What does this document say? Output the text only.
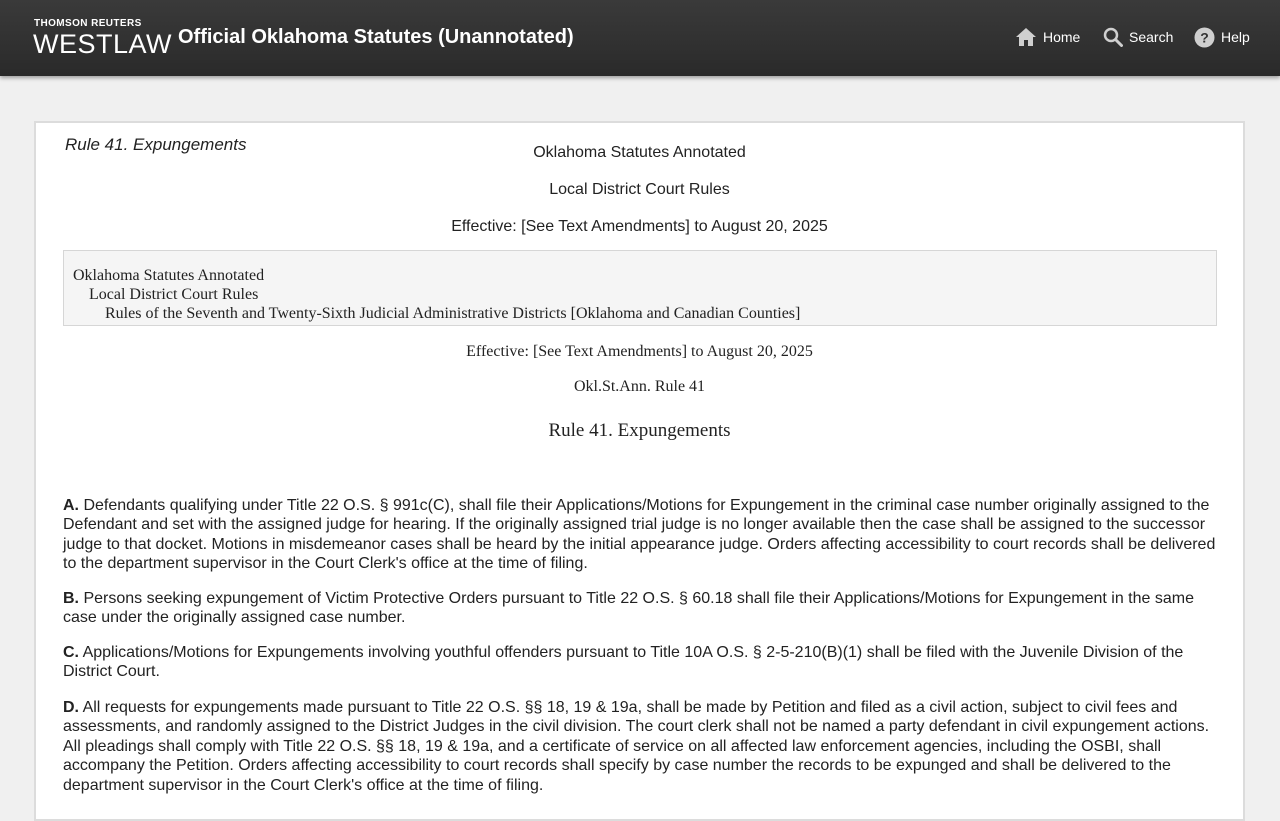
THOMSON REUTERS
WESTLAW Official Oklahoma Statutes (Unannotated)	Home	Search ? Help
Rule 41. Expungements	Oklahoma Statutes Annotated
Local District Court Rules
Effective: [See Text Amendments] to August 20, 2025
Oklahoma Statutes Annotated
Local District Court Rules
Rules of the Seventh and Twenty-Sixth Judicial Administrative Districts [Oklahoma and Canadian Counties]
Effective: [See Text Amendments] to August 20, 2025
Okl.St.Ann. Rule 41
Rule 41. Expungements
A. Defendants qualifying under Title 22 O.S. § 991c(C), shall file their Applications/Motions for Expungement in the criminal case number originally assigned to the Defendant and set with the assigned judge for hearing. If the originally assigned trial judge is no longer available then the case shall be assigned to the successor judge to that docket. Motions in misdemeanor cases shall be heard by the initial appearance judge. Orders affecting accessibility to court records shall be delivered to the department supervisor in the Court Clerk's office at the time of filing.
B. Persons seeking expungement of Victim Protective Orders pursuant to Title 22 O.S. § 60.18 shall file their Applications/Motions for Expungement in the same case under the originally assigned case number.
C. Applications/Motions for Expungements involving youthful offenders pursuant to Title 10A O.S. § 2-5-210(B)(1) shall be filed with the Juvenile Division of the District Court.
D. All requests for expungements made pursuant to Title 22 O.S. §§ 18, 19 & 19a, shall be made by Petition and filed as a civil action, subject to civil fees and assessments, and randomly assigned to the District Judges in the civil division. The court clerk shall not be named a party defendant in civil expungement actions. All pleadings shall comply with Title 22 O.S. §§ 18, 19 & 19a, and a certificate of service on all affected law enforcement agencies, including the OSBI, shall accompany the Petition. Orders affecting accessibility to court records shall specify by case number the records to be expunged and shall be delivered to the department supervisor in the Court Clerk's office at the time of filing.
